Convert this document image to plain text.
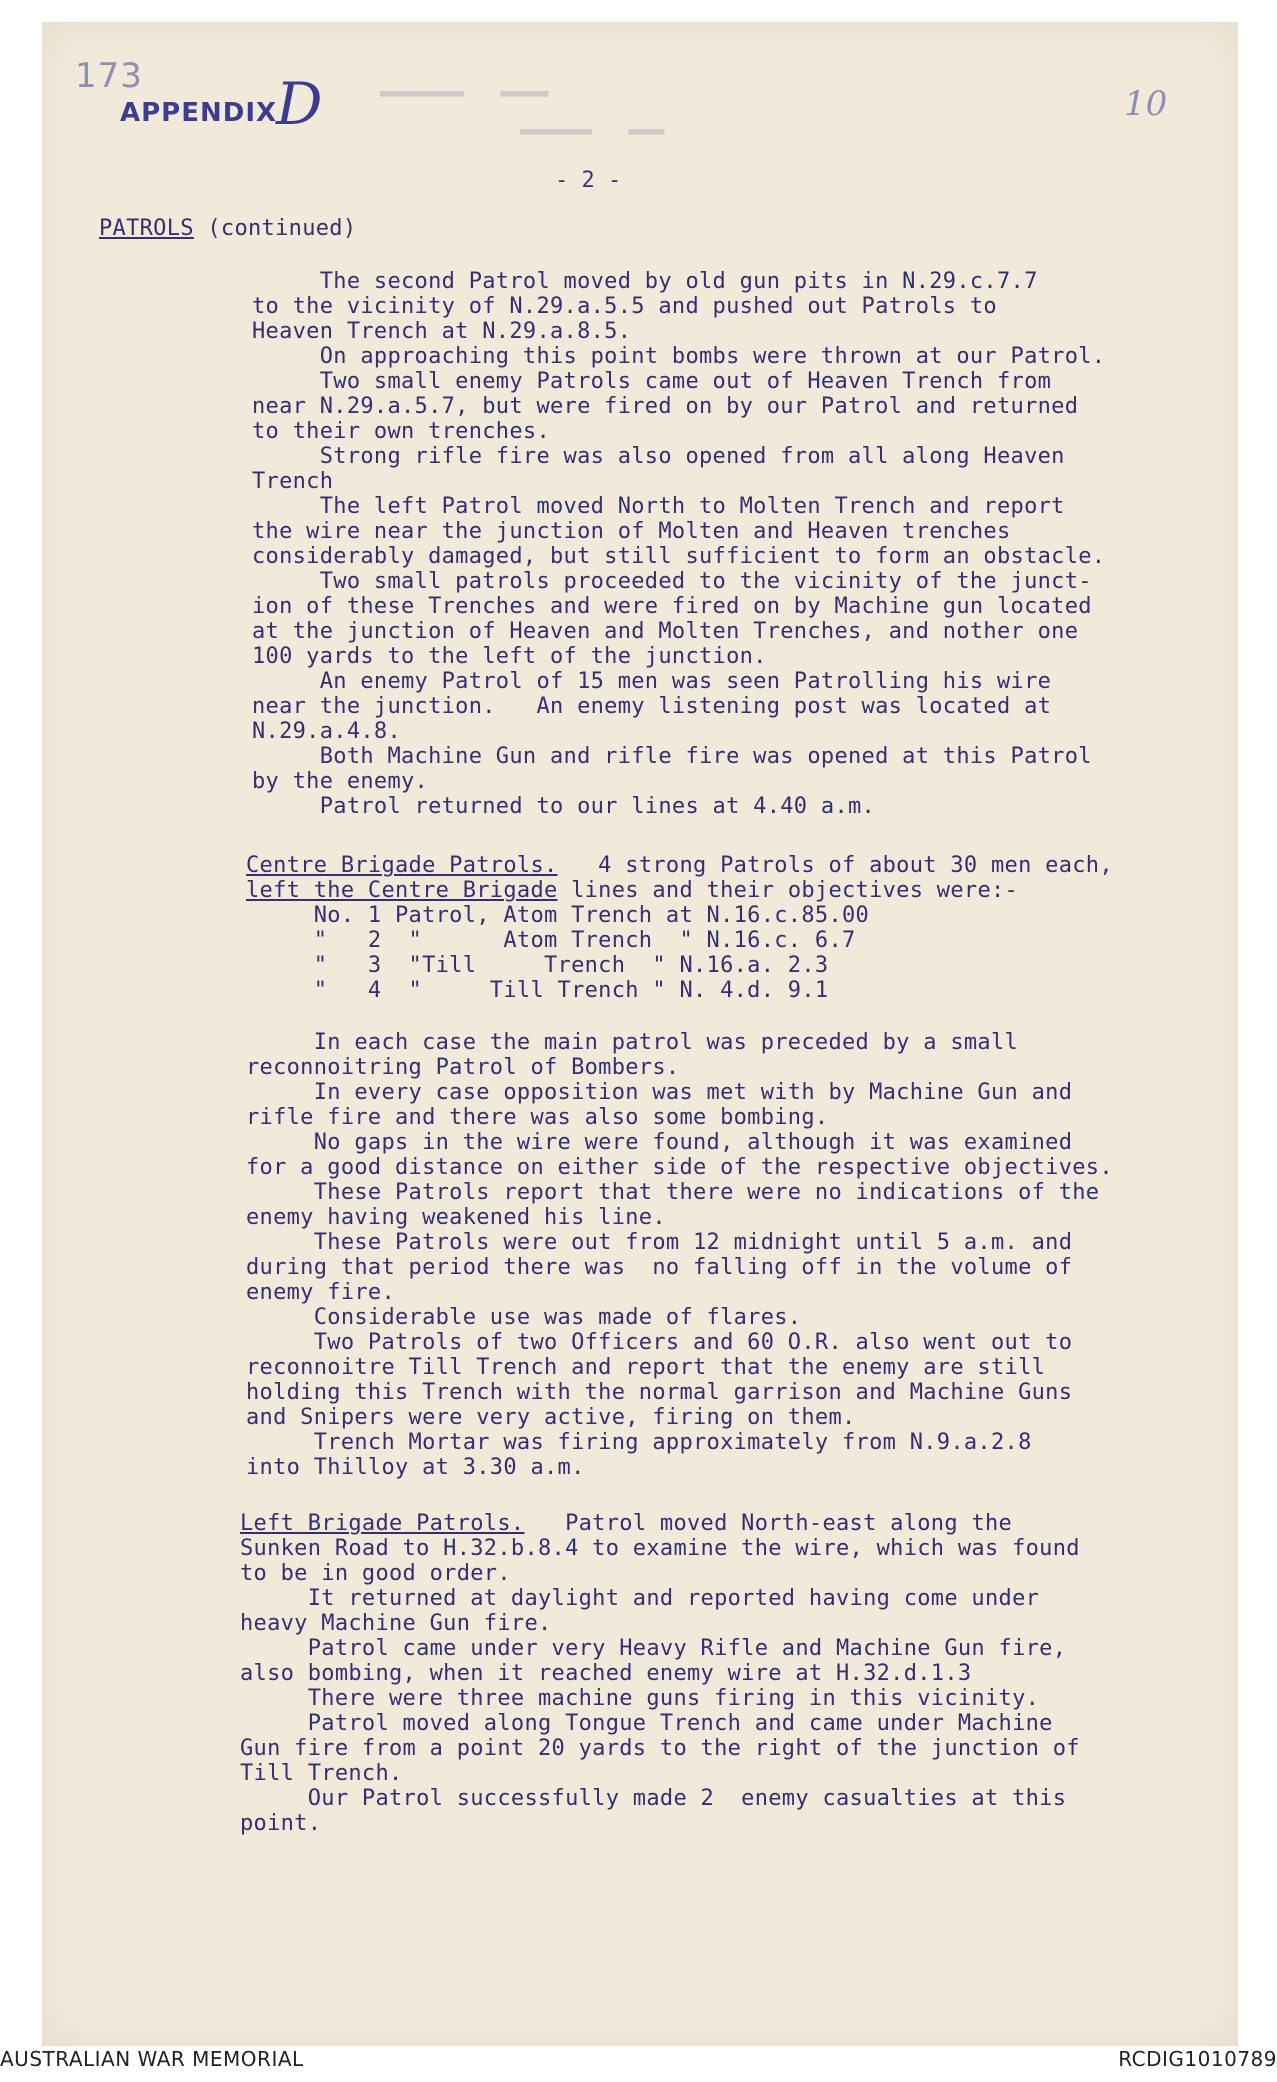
173
APPENDIX
D	10
▬▬▬▬   ▬▬▬▬▬▬▬
▬▬▬   ▬▬▬▬▬▬
- 2 -
PATROLS (continued)
The second Patrol moved by old gun pits in N.29.c.7.7
to the vicinity of N.29.a.5.5 and pushed out Patrols to
Heaven Trench at N.29.a.8.5.
On approaching this point bombs were thrown at our Patrol.
Two small enemy Patrols came out of Heaven Trench from
near N.29.a.5.7, but were fired on by our Patrol and returned
to their own trenches.
Strong rifle fire was also opened from all along Heaven
Trench
The left Patrol moved North to Molten Trench and report
the wire near the junction of Molten and Heaven trenches
considerably damaged, but still sufficient to form an obstacle.
Two small patrols proceeded to the vicinity of the junct-
ion of these Trenches and were fired on by Machine gun located
at the junction of Heaven and Molten Trenches, and nother one
100 yards to the left of the junction.
An enemy Patrol of 15 men was seen Patrolling his wire
near the junction.   An enemy listening post was located at
N.29.a.4.8.
Both Machine Gun and rifle fire was opened at this Patrol
by the enemy.
Patrol returned to our lines at 4.40 a.m.
Centre Brigade Patrols.   4 strong Patrols of about 30 men each,
left the Centre Brigade lines and their objectives were:-
No. 1 Patrol, Atom Trench at N.16.c.85.00
"   2  "      Atom Trench  " N.16.c. 6.7
"   3  "Till     Trench  " N.16.a. 2.3
"   4  "     Till Trench " N. 4.d. 9.1
In each case the main patrol was preceded by a small
reconnoitring Patrol of Bombers.
In every case opposition was met with by Machine Gun and
rifle fire and there was also some bombing.
No gaps in the wire were found, although it was examined
for a good distance on either side of the respective objectives.
These Patrols report that there were no indications of the
enemy having weakened his line.
These Patrols were out from 12 midnight until 5 a.m. and
during that period there was  no falling off in the volume of
enemy fire.
Considerable use was made of flares.
Two Patrols of two Officers and 60 O.R. also went out to
reconnoitre Till Trench and report that the enemy are still
holding this Trench with the normal garrison and Machine Guns
and Snipers were very active, firing on them.
Trench Mortar was firing approximately from N.9.a.2.8
into Thilloy at 3.30 a.m.
Left Brigade Patrols.   Patrol moved North-east along the
Sunken Road to H.32.b.8.4 to examine the wire, which was found
to be in good order.
It returned at daylight and reported having come under
heavy Machine Gun fire.
Patrol came under very Heavy Rifle and Machine Gun fire,
also bombing, when it reached enemy wire at H.32.d.1.3
There were three machine guns firing in this vicinity.
Patrol moved along Tongue Trench and came under Machine
Gun fire from a point 20 yards to the right of the junction of
Till Trench.
Our Patrol successfully made 2  enemy casualties at this
point.
AUSTRALIAN WAR MEMORIAL	RCDIG1010789
